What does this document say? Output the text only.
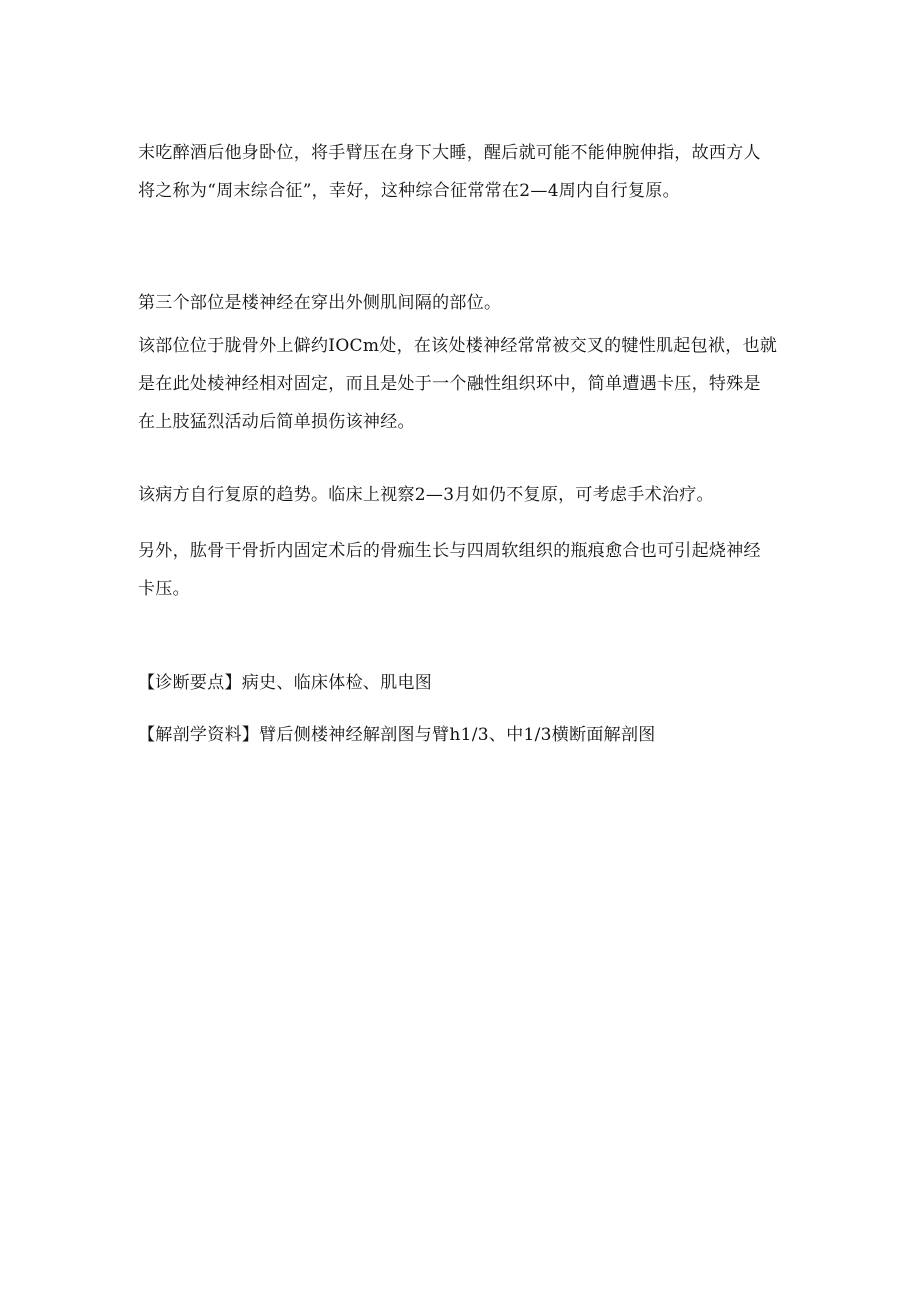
末吃醉酒后他身卧位，将手臂压在身下大睡，醒后就可能不能伸腕伸指，故西方人将之称为“周末综合征”，幸好，这种综合征常常在2—4周内自行复原。

第三个部位是楼神经在穿出外侧肌间隔的部位。

该部位位于胧骨外上僻约IOCm处，在该处楼神经常常被交叉的犍性肌起包袱，也就是在此处棱神经相对固定，而且是处于一个融性组织环中，简单遭遇卡压，特殊是在上肢猛烈活动后简单损伤该神经。

该病方自行复原的趋势。临床上视察2—3月如仍不复原，可考虑手术治疗。

另外，肱骨干骨折内固定术后的骨痂生长与四周软组织的瓶痕愈合也可引起烧神经卡压。

【诊断要点】病史、临床体检、肌电图

【解剖学资料】臂后侧楼神经解剖图与臂h1/3、中1/3横断面解剖图
